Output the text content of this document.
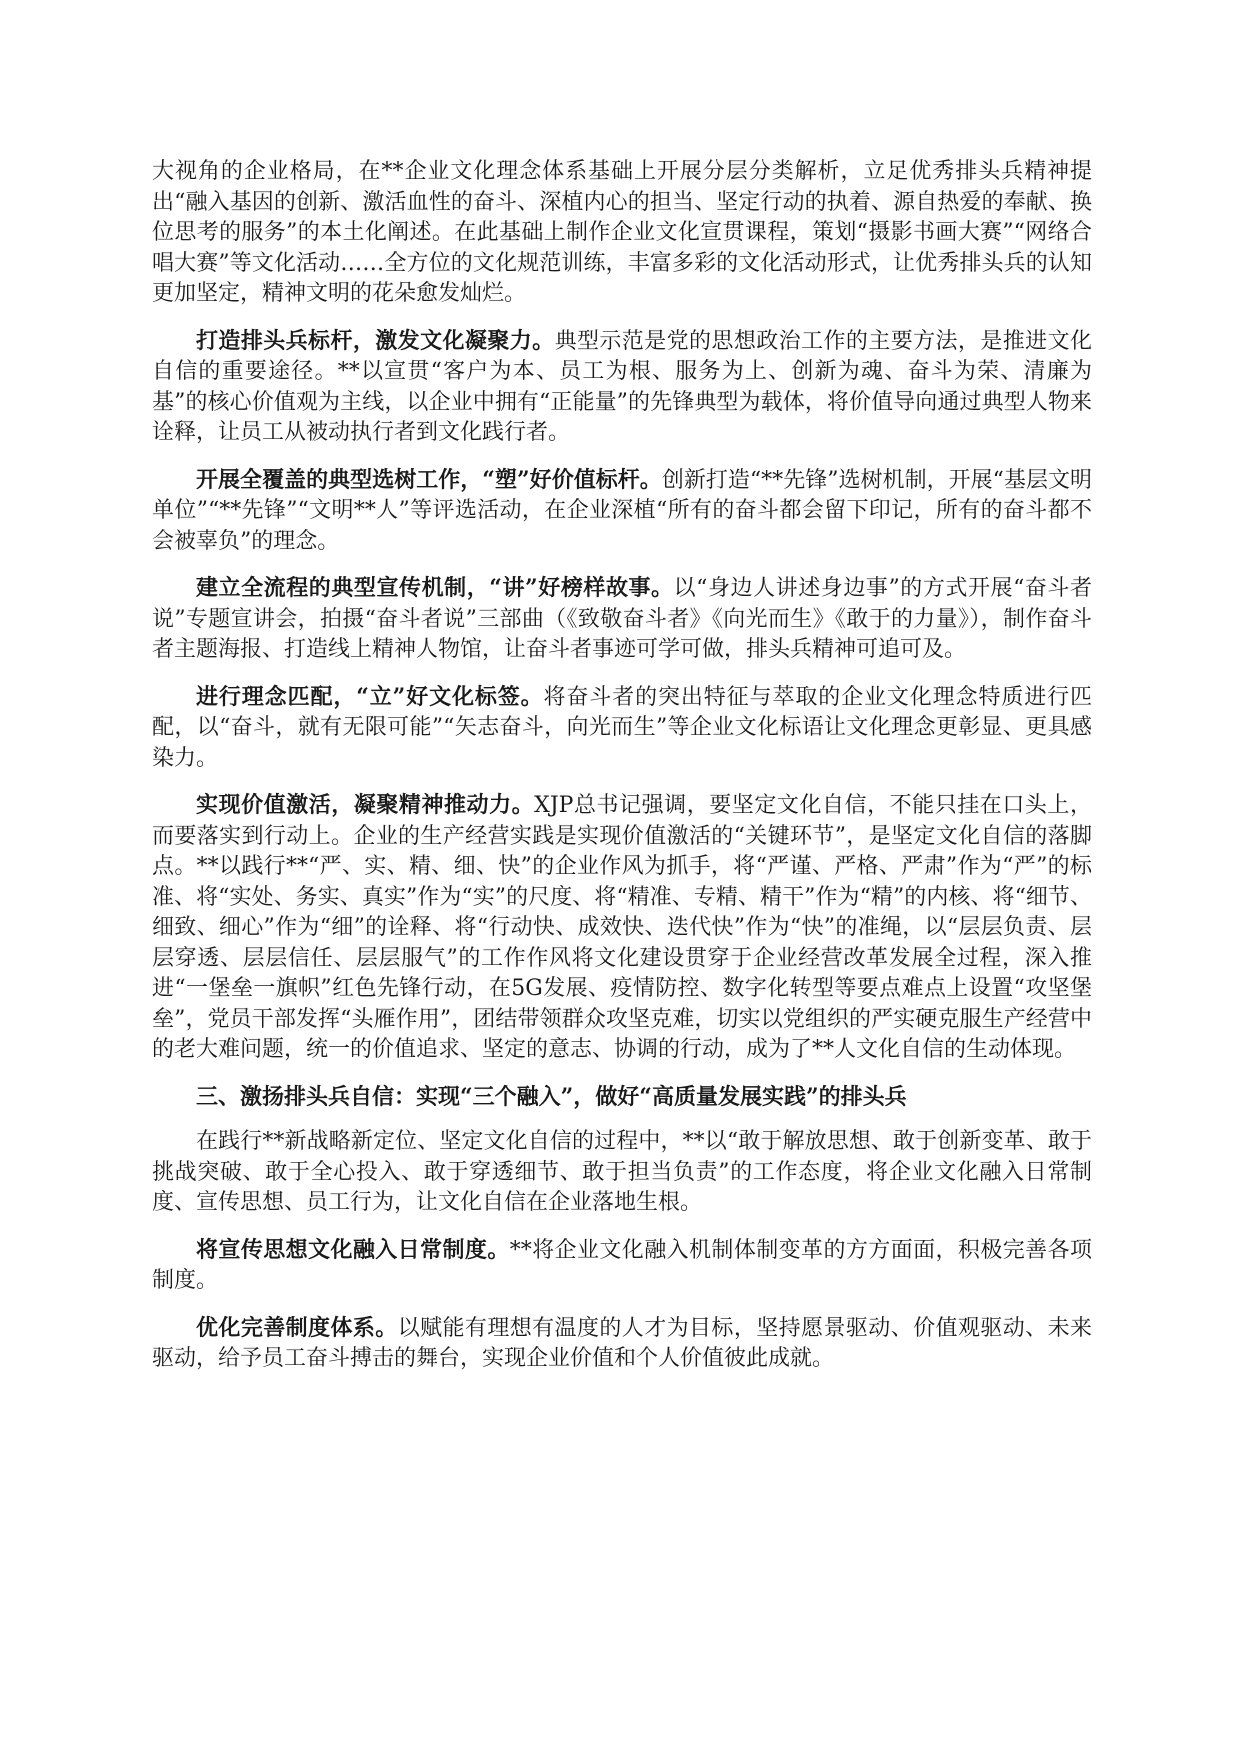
大视角的企业格局，在**企业文化理念体系基础上开展分层分类解析，立足优秀排头兵精神提出“融入基因的创新、激活血性的奋斗、深植内心的担当、坚定行动的执着、源自热爱的奉献、换位思考的服务”的本土化阐述。在此基础上制作企业文化宣贯课程，策划“摄影书画大赛”“网络合唱大赛”等文化活动……全方位的文化规范训练，丰富多彩的文化活动形式，让优秀排头兵的认知更加坚定，精神文明的花朵愈发灿烂。

打造排头兵标杆，激发文化凝聚力。典型示范是党的思想政治工作的主要方法，是推进文化自信的重要途径。**以宣贯“客户为本、员工为根、服务为上、创新为魂、奋斗为荣、清廉为基”的核心价值观为主线，以企业中拥有“正能量”的先锋典型为载体，将价值导向通过典型人物来诠释，让员工从被动执行者到文化践行者。

开展全覆盖的典型选树工作，“塑”好价值标杆。创新打造“**先锋”选树机制，开展“基层文明单位”“**先锋”“文明**人”等评选活动，在企业深植“所有的奋斗都会留下印记，所有的奋斗都不会被辜负”的理念。

建立全流程的典型宣传机制，“讲”好榜样故事。以“身边人讲述身边事”的方式开展“奋斗者说”专题宣讲会，拍摄“奋斗者说”三部曲（《致敬奋斗者》《向光而生》《敢于的力量》），制作奋斗者主题海报、打造线上精神人物馆，让奋斗者事迹可学可做，排头兵精神可追可及。

进行理念匹配，“立”好文化标签。将奋斗者的突出特征与萃取的企业文化理念特质进行匹配，以“奋斗，就有无限可能”“矢志奋斗，向光而生”等企业文化标语让文化理念更彰显、更具感染力。

实现价值激活，凝聚精神推动力。XJP总书记强调，要坚定文化自信，不能只挂在口头上，而要落实到行动上。企业的生产经营实践是实现价值激活的“关键环节”，是坚定文化自信的落脚点。**以践行**“严、实、精、细、快”的企业作风为抓手，将“严谨、严格、严肃”作为“严”的标准、将“实处、务实、真实”作为“实”的尺度、将“精准、专精、精干”作为“精”的内核、将“细节、细致、细心”作为“细”的诠释、将“行动快、成效快、迭代快”作为“快”的准绳，以“层层负责、层层穿透、层层信任、层层服气”的工作作风将文化建设贯穿于企业经营改革发展全过程，深入推进“一堡垒一旗帜”红色先锋行动，在5G发展、疫情防控、数字化转型等要点难点上设置“攻坚堡垒”，党员干部发挥“头雁作用”，团结带领群众攻坚克难，切实以党组织的严实硬克服生产经营中的老大难问题，统一的价值追求、坚定的意志、协调的行动，成为了**人文化自信的生动体现。

三、激扬排头兵自信：实现“三个融入”，做好“高质量发展实践”的排头兵

在践行**新战略新定位、坚定文化自信的过程中，**以“敢于解放思想、敢于创新变革、敢于挑战突破、敢于全心投入、敢于穿透细节、敢于担当负责”的工作态度，将企业文化融入日常制度、宣传思想、员工行为，让文化自信在企业落地生根。

将宣传思想文化融入日常制度。**将企业文化融入机制体制变革的方方面面，积极完善各项制度。

优化完善制度体系。以赋能有理想有温度的人才为目标，坚持愿景驱动、价值观驱动、未来驱动，给予员工奋斗搏击的舞台，实现企业价值和个人价值彼此成就。
